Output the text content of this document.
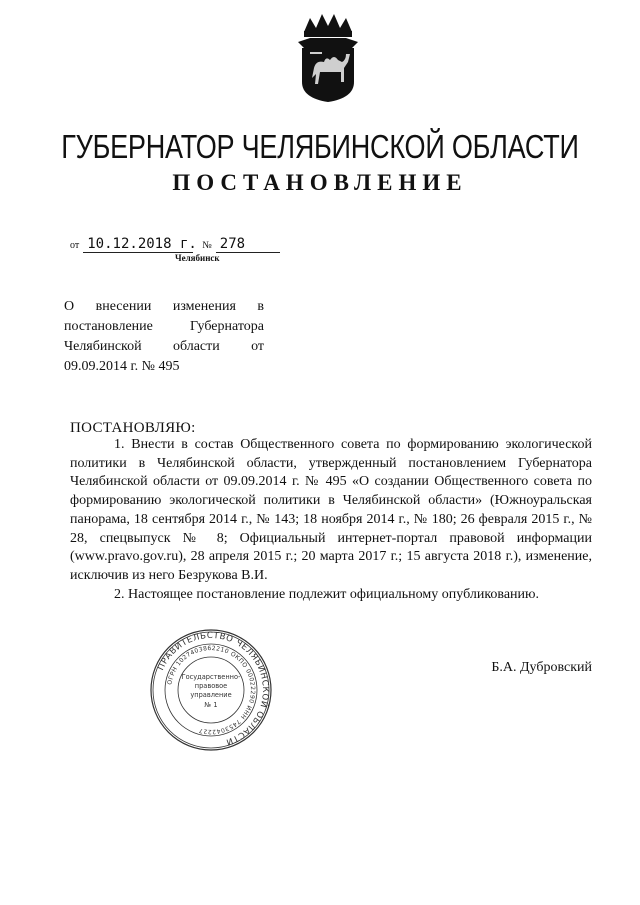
ГУБЕРНАТОР ЧЕЛЯБИНСКОЙ ОБЛАСТИ
ПОСТАНОВЛЕНИЕ
от 10.12.2018 г. № 278
Челябинск
О внесении изменения в постановление Губернатора Челябинской области от 09.09.2014 г. № 495
ПОСТАНОВЛЯЮ:

1. Внести в состав Общественного совета по формированию экологической политики в Челябинской области, утвержденный постановлением Губернатора Челябинской области от 09.09.2014 г. № 495 «О создании Общественного совета по формированию экологической политики в Челябинской области» (Южноуральская панорама, 18 сентября 2014 г., № 143; 18 ноября 2014 г., № 180; 26 февраля 2015 г., № 28, спецвыпуск № 8; Официальный интернет-портал правовой информации (www.pravo.gov.ru), 28 апреля 2015 г.; 20 марта 2017 г.; 15 августа 2018 г.), изменение, исключив из него Безрукова В.И.

2. Настоящее постановление подлежит официальному опубликованию.

ПРАВИТЕЛЬСТВО ЧЕЛЯБИНСКОЙ ОБЛАСТИ
ОГРН 1027403862210 ОКПО 00022290 ИНН 7453042227
Государственно-
правовое
управление
№ 1
Б.А. Дубровский
